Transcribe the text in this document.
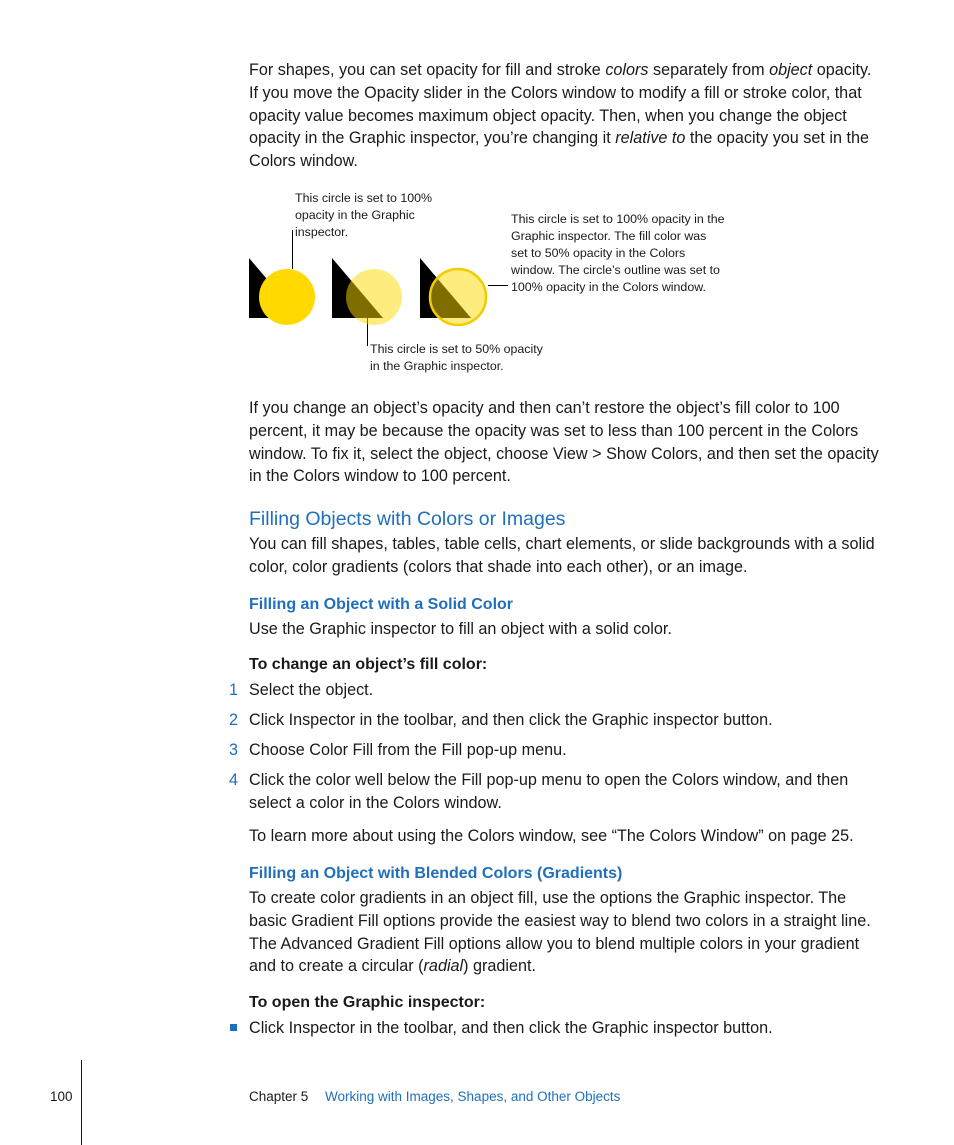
For shapes, you can set opacity for fill and stroke colors separately from object opacity. If you move the Opacity slider in the Colors window to modify a fill or stroke color, that opacity value becomes maximum object opacity. Then, when you change the object opacity in the Graphic inspector, you’re changing it relative to the opacity you set in the Colors window.

This circle is set to 100% opacity in the Graphic inspector.
This circle is set to 100% opacity in the Graphic inspector. The fill color was set to 50% opacity in the Colors window. The circle’s outline was set to 100% opacity in the Colors window.
This circle is set to 50% opacity in the Graphic inspector.

If you change an object’s opacity and then can’t restore the object’s fill color to 100 percent, it may be because the opacity was set to less than 100 percent in the Colors window. To fix it, select the object, choose View > Show Colors, and then set the opacity in the Colors window to 100 percent.

Filling Objects with Colors or Images

You can fill shapes, tables, table cells, chart elements, or slide backgrounds with a solid color, color gradients (colors that shade into each other), or an image.

Filling an Object with a Solid Color

Use the Graphic inspector to fill an object with a solid color.

To change an object’s fill color:

1 Select the object.
2 Click Inspector in the toolbar, and then click the Graphic inspector button.
3 Choose Color Fill from the Fill pop-up menu.
4 Click the color well below the Fill pop-up menu to open the Colors window, and then select a color in the Colors window.

To learn more about using the Colors window, see “The Colors Window” on page 25.

Filling an Object with Blended Colors (Gradients)

To create color gradients in an object fill, use the options the Graphic inspector. The basic Gradient Fill options provide the easiest way to blend two colors in a straight line. The Advanced Gradient Fill options allow you to blend multiple colors in your gradient and to create a circular (radial) gradient.

To open the Graphic inspector:

Click Inspector in the toolbar, and then click the Graphic inspector button.

100	Chapter 5 Working with Images, Shapes, and Other Objects
